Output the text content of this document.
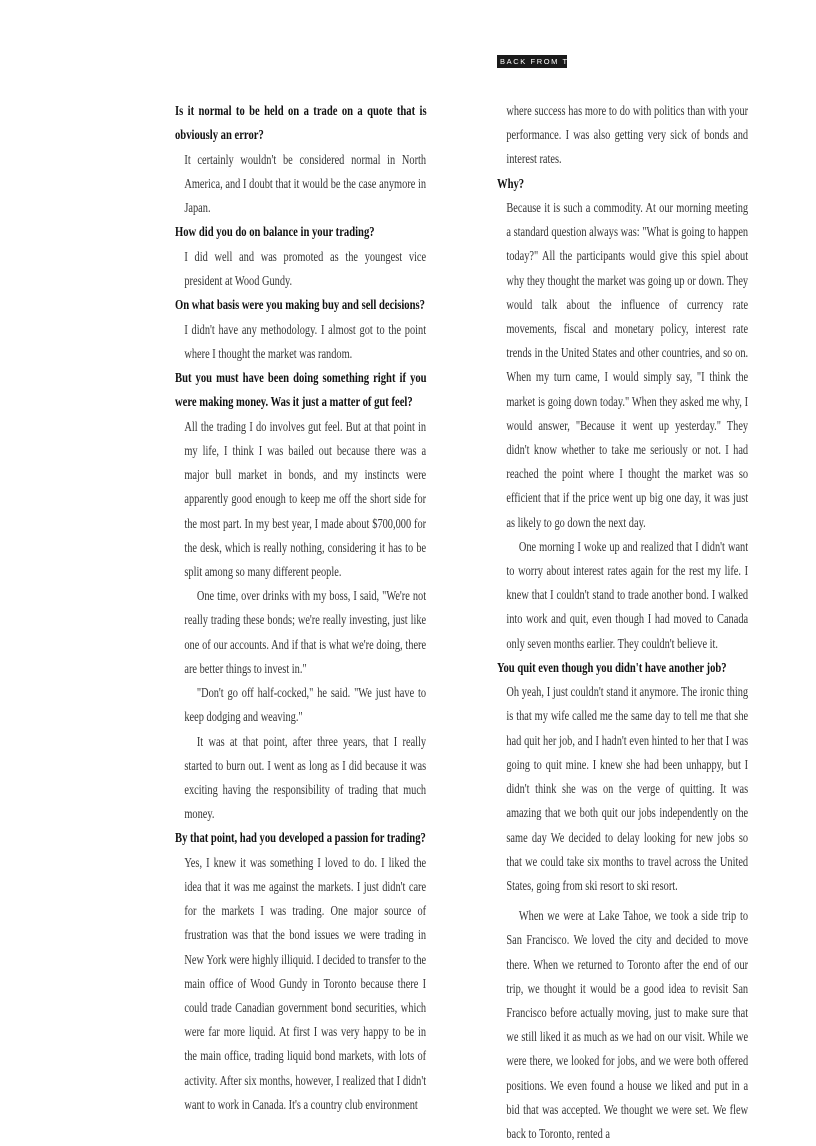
BACK FROM THE A

Is it normal to be held on a trade on a quote that is obviously an error?

It certainly wouldn't be considered normal in North America, and I doubt that it would be the case anymore in Japan.

How did you do on balance in your trading?

I did well and was promoted as the youngest vice president at Wood Gundy.

On what basis were you making buy and sell decisions?

I didn't have any methodology. I almost got to the point where I thought the market was random.

But you must have been doing something right if you were making money. Was it just a matter of gut feel?

All the trading I do involves gut feel. But at that point in my life, I think I was bailed out because there was a major bull market in bonds, and my instincts were apparently good enough to keep me off the short side for the most part. In my best year, I made about $700,000 for the desk, which is really nothing, considering it has to be split among so many different people.

One time, over drinks with my boss, I said, "We're not really trading these bonds; we're really investing, just like one of our accounts. And if that is what we're doing, there are better things to invest in."

"Don't go off half-cocked," he said. "We just have to keep dodging and weaving."

It was at that point, after three years, that I really started to burn out. I went as long as I did because it was exciting having the responsibility of trading that much money.

By that point, had you developed a passion for trading?

Yes, I knew it was something I loved to do. I liked the idea that it was me against the markets. I just didn't care for the markets I was trading. One major source of frustration was that the bond issues we were trading in New York were highly illiquid. I decided to transfer to the main office of Wood Gundy in Toronto because there I could trade Canadian government bond securities, which were far more liquid. At first I was very happy to be in the main office, trading liquid bond markets, with lots of activity. After six months, however, I realized that I didn't want to work in Canada. It's a country club environment

where success has more to do with politics than with your performance. I was also getting very sick of bonds and interest rates.

Why?

Because it is such a commodity. At our morning meeting a standard question always was: "What is going to happen today?" All the participants would give this spiel about why they thought the market was going up or down. They would talk about the influence of currency rate movements, fiscal and monetary policy, interest rate trends in the United States and other countries, and so on. When my turn came, I would simply say, "I think the market is going down today." When they asked me why, I would answer, "Because it went up yesterday." They didn't know whether to take me seriously or not. I had reached the point where I thought the market was so efficient that if the price went up big one day, it was just as likely to go down the next day.

One morning I woke up and realized that I didn't want to worry about interest rates again for the rest my life. I knew that I couldn't stand to trade another bond. I walked into work and quit, even though I had moved to Canada only seven months earlier. They couldn't believe it.

You quit even though you didn't have another job?

Oh yeah, I just couldn't stand it anymore. The ironic thing is that my wife called me the same day to tell me that she had quit her job, and I hadn't even hinted to her that I was going to quit mine. I knew she had been unhappy, but I didn't think she was on the verge of quitting. It was amazing that we both quit our jobs independently on the same day We decided to delay looking for new jobs so that we could take six months to travel across the United States, going from ski resort to ski resort.

When we were at Lake Tahoe, we took a side trip to San Francisco. We loved the city and decided to move there. When we returned to Toronto after the end of our trip, we thought it would be a good idea to revisit San Francisco before actually moving, just to make sure that we still liked it as much as we had on our visit. While we were there, we looked for jobs, and we were both offered positions. We even found a house we liked and put in a bid that was accepted. We thought we were set. We flew back to Toronto, rented a
